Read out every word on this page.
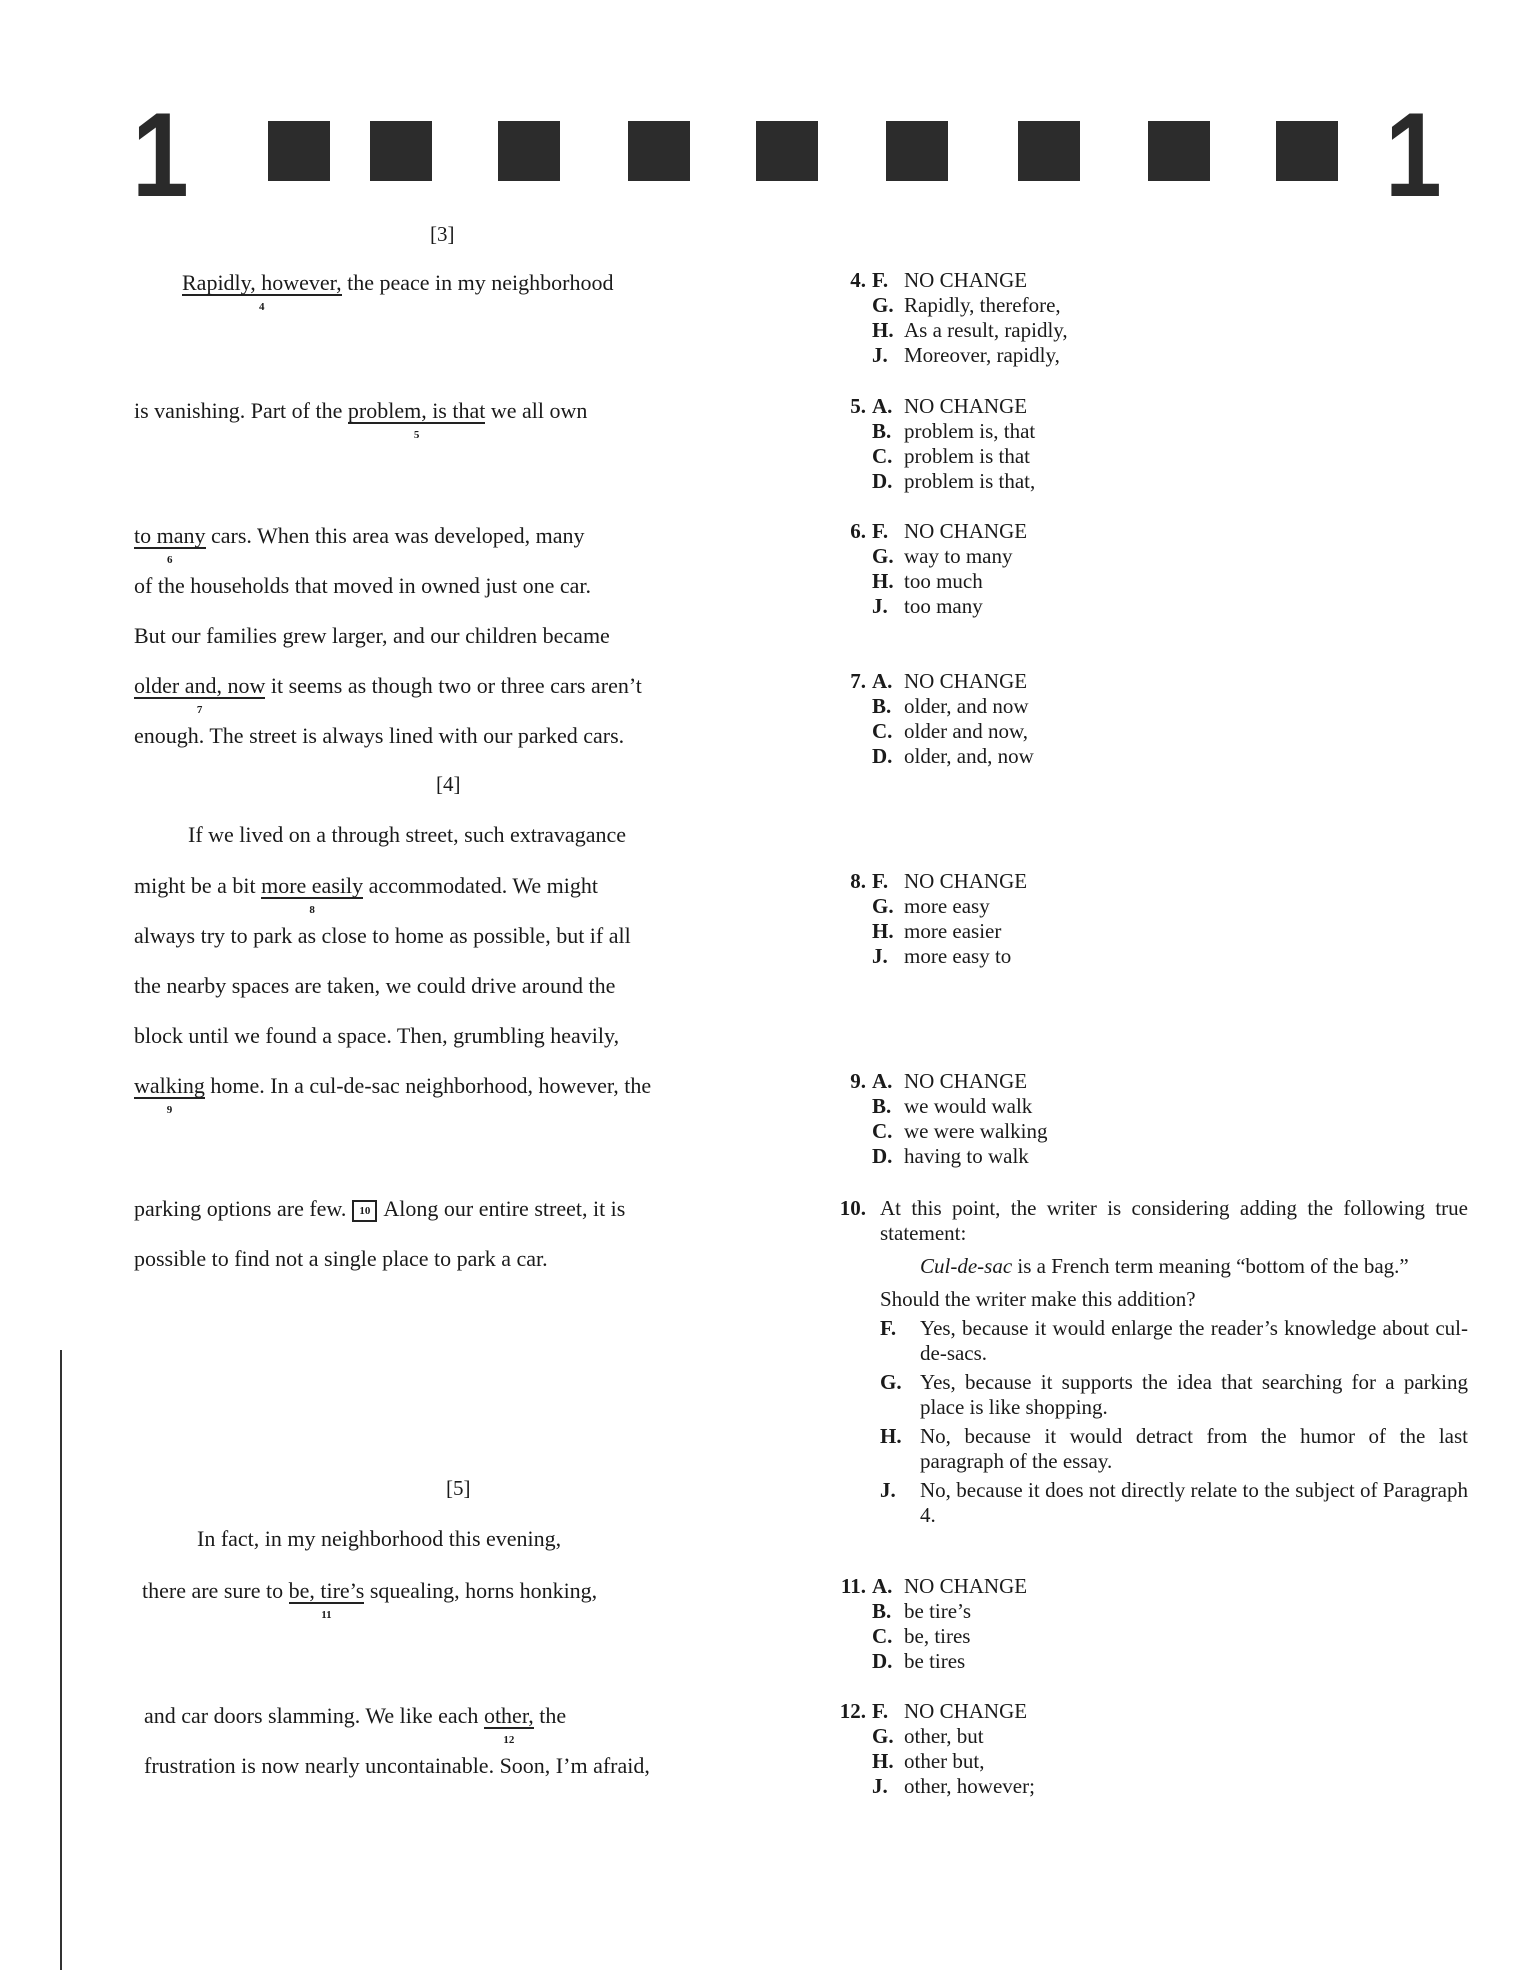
1	1
[3]
Rapidly, however,
4
the peace in my neighborhood
is vanishing. Part of the problem, is that
5
we all own
to many
6
cars. When this area was developed, many
of the households that moved in owned just one car.
But our families grew larger, and our children became
older and, now
7
it seems as though two or three cars aren’t
enough. The street is always lined with our parked cars.
[4]
If we lived on a through street, such extravagance
might be a bit more easily
8
accommodated. We might
always try to park as close to home as possible, but if all
the nearby spaces are taken, we could drive around the
block until we found a space. Then, grumbling heavily,
walking
9
home. In a cul-de-sac neighborhood, however, the
parking options are few. 10 Along our entire street, it is
possible to find not a single place to park a car.
[5]
In fact, in my neighborhood this evening,
there are sure to be, tire’s
11
squealing, horns honking,
and car doors slamming. We like each other,
12
the
frustration is now nearly uncontainable. Soon, I’m afraid,
4. F. NO CHANGE
G. Rapidly, therefore,
H. As a result, rapidly,
J. Moreover, rapidly,
5. A. NO CHANGE
B. problem is, that
C. problem is that
D. problem is that,
6. F. NO CHANGE
G. way to many
H. too much
J. too many
7. A. NO CHANGE
B. older, and now
C. older and now,
D. older, and, now
8. F. NO CHANGE
G. more easy
H. more easier
J. more easy to
9. A. NO CHANGE
B. we would walk
C. we were walking
D. having to walk
10. At this point, the writer is considering adding the following true statement:
Cul-de-sac is a French term meaning “bottom of the bag.”
Should the writer make this addition?
F. Yes, because it would enlarge the reader’s knowledge about cul-de-sacs.
G. Yes, because it supports the idea that searching for a parking place is like shopping.
H. No, because it would detract from the humor of the last paragraph of the essay.
J. No, because it does not directly relate to the subject of Paragraph 4.
11. A. NO CHANGE
B. be tire’s
C. be, tires
D. be tires
12. F. NO CHANGE
G. other, but
H. other but,
J. other, however;
